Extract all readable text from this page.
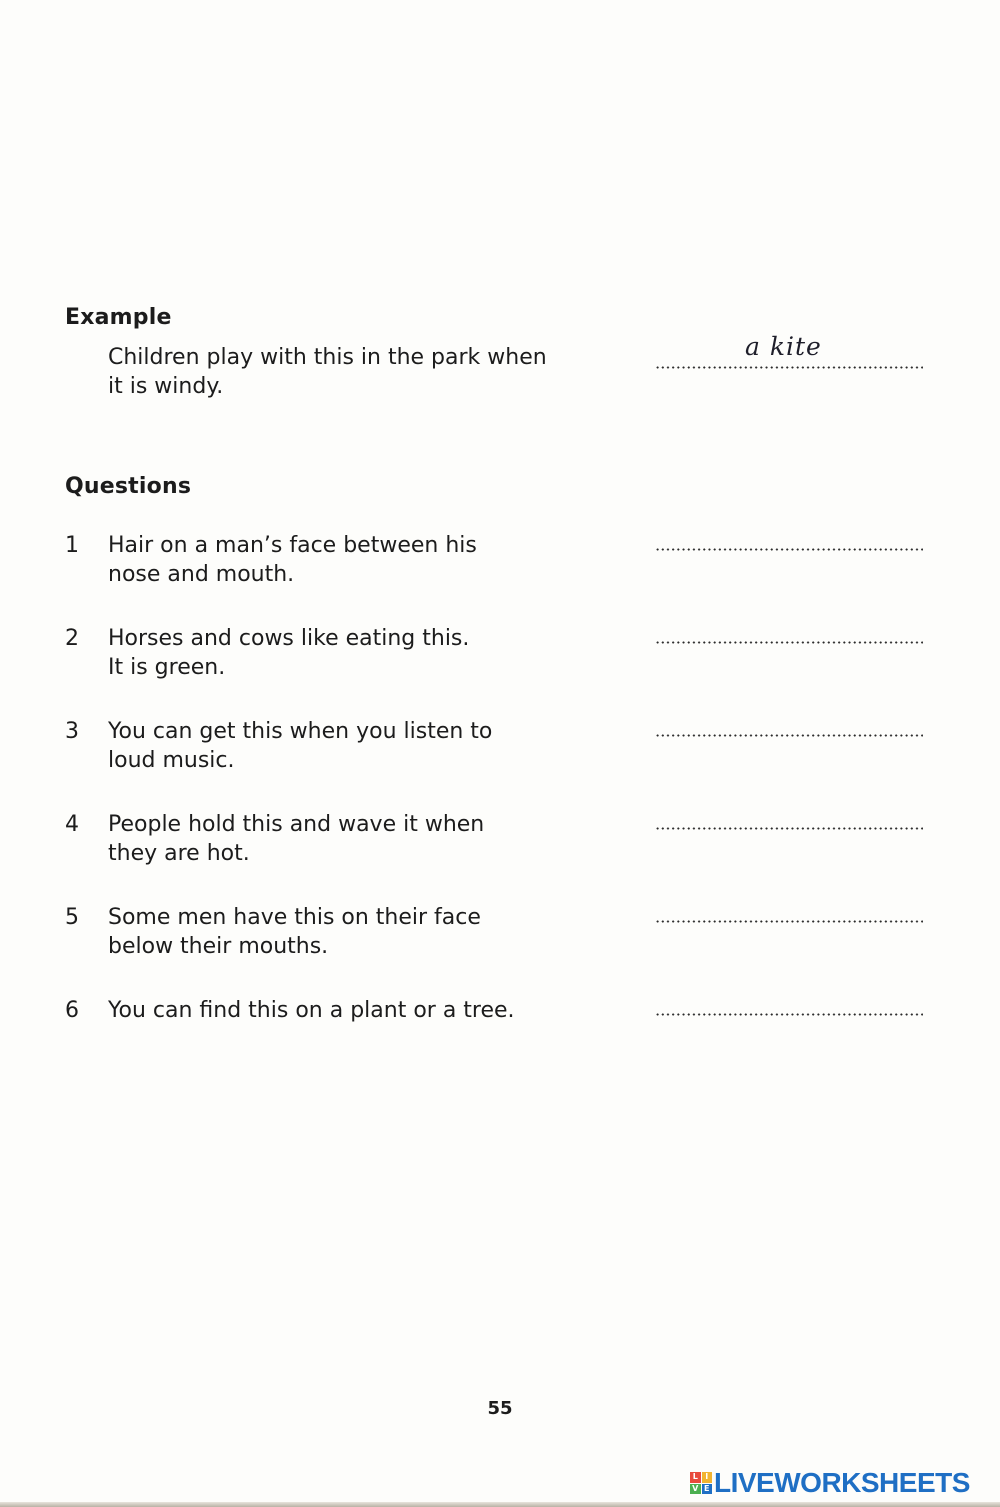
Example
Children play with this in the park when
it is windy.
a kite
Questions
1 Hair on a man’s face between his
nose and mouth.
2 Horses and cows like eating this.
It is green.
3 You can get this when you listen to
loud music.
4 People hold this and wave it when
they are hot.
5 Some men have this on their face
below their mouths.
6 You can find this on a plant or a tree.
55
L I
V E LIVEWORKSHEETS
